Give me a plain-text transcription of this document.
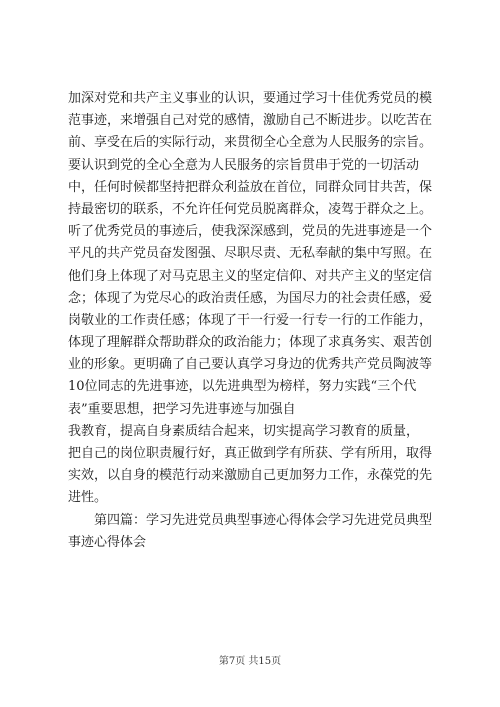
加深对党和共产主义事业的认识，要通过学习十佳优秀党员的模
范事迹，来增强自己对党的感情，激励自己不断进步。以吃苦在
前、享受在后的实际行动，来贯彻全心全意为人民服务的宗旨。
要认识到党的全心全意为人民服务的宗旨贯串于党的一切活动
中，任何时候都坚持把群众利益放在首位，同群众同甘共苦，保
持最密切的联系，不允许任何党员脱离群众，凌驾于群众之上。
听了优秀党员的事迹后，使我深深感到，党员的先进事迹是一个
平凡的共产党员奋发图强、尽职尽责、无私奉献的集中写照。在
他们身上体现了对马克思主义的坚定信仰、对共产主义的坚定信
念；体现了为党尽心的政治责任感，为国尽力的社会责任感，爱
岗敬业的工作责任感；体现了干一行爱一行专一行的工作能力，
体现了理解群众帮助群众的政治能力；体现了求真务实、艰苦创
业的形象。更明确了自己要认真学习身边的优秀共产党员陶波等
10位同志的先进事迹，以先进典型为榜样，努力实践“三个代
表”重要思想，把学习先进事迹与加强自
我教育，提高自身素质结合起来，切实提高学习教育的质量，
把自己的岗位职责履行好，真正做到学有所获、学有所用，取得
实效，以自身的模范行动来激励自己更加努力工作，永葆党的先
进性。
第四篇：学习先进党员典型事迹心得体会学习先进党员典型
事迹心得体会
第7页 共15页
